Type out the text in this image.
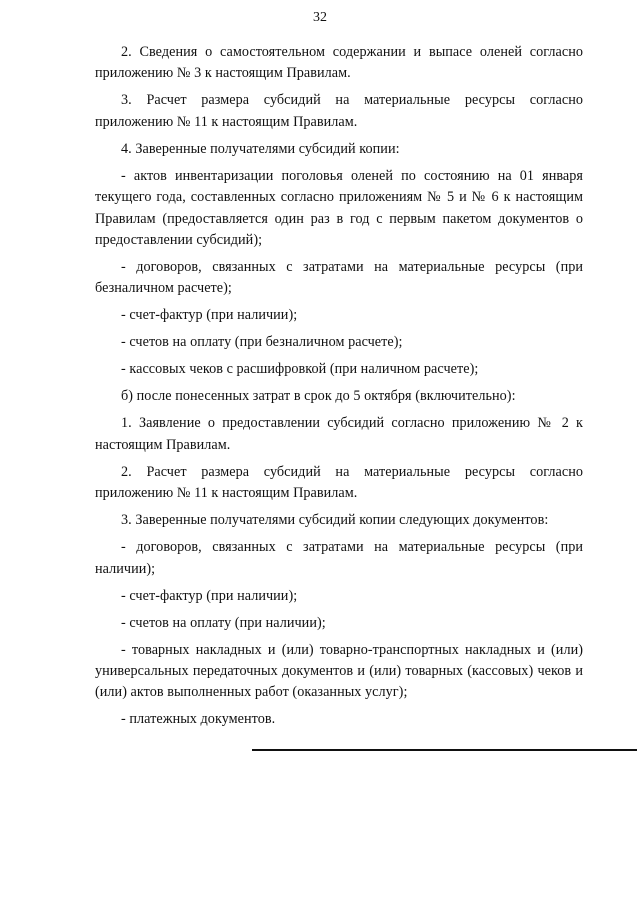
32

2. Сведения о самостоятельном содержании и выпасе оленей согласно приложению № 3 к настоящим Правилам.

3. Расчет размера субсидий на материальные ресурсы согласно приложению № 11 к настоящим Правилам.

4. Заверенные получателями субсидий копии:

- актов инвентаризации поголовья оленей по состоянию на 01 января текущего года, составленных согласно приложениям № 5 и № 6 к настоящим Правилам (предоставляется один раз в год с первым пакетом документов о предоставлении субсидий);

- договоров, связанных с затратами на материальные ресурсы (при безналичном расчете);

- счет-фактур (при наличии);

- счетов на оплату (при безналичном расчете);

- кассовых чеков с расшифровкой (при наличном расчете);

б) после понесенных затрат в срок до 5 октября (включительно):

1. Заявление о предоставлении субсидий согласно приложению № 2 к настоящим Правилам.

2. Расчет размера субсидий на материальные ресурсы согласно приложению № 11 к настоящим Правилам.

3. Заверенные получателями субсидий копии следующих документов:

- договоров, связанных с затратами на материальные ресурсы (при наличии);

- счет-фактур (при наличии);

- счетов на оплату (при наличии);

- товарных накладных и (или) товарно-транспортных накладных и (или) универсальных передаточных документов и (или) товарных (кассовых) чеков и (или) актов выполненных работ (оказанных услуг);

- платежных документов.
